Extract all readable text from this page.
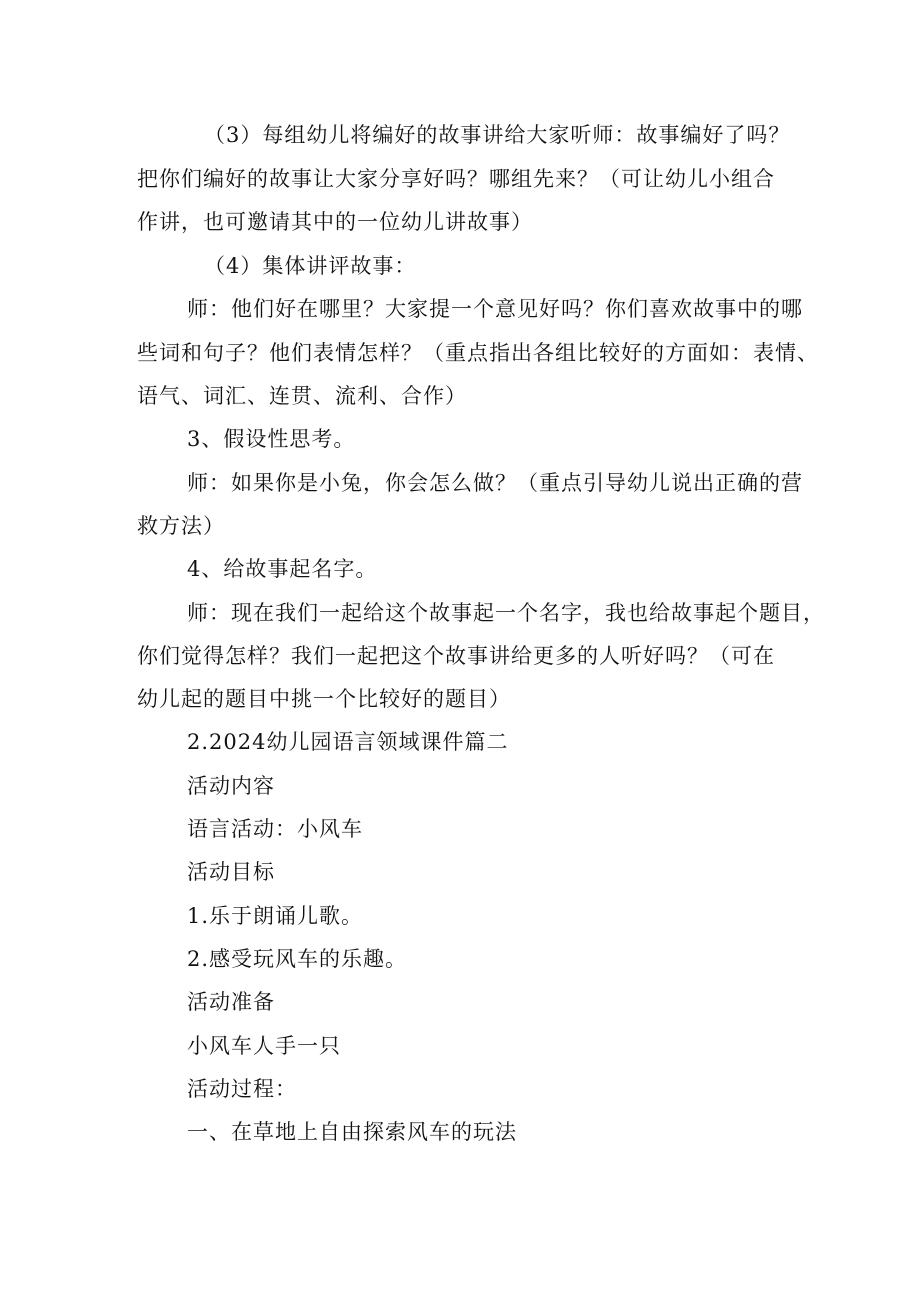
（3）每组幼儿将编好的故事讲给大家听师：故事编好了吗？
把你们编好的故事让大家分享好吗？哪组先来？（可让幼儿小组合
作讲，也可邀请其中的一位幼儿讲故事）
（4）集体讲评故事：
师：他们好在哪里？大家提一个意见好吗？你们喜欢故事中的哪
些词和句子？他们表情怎样？（重点指出各组比较好的方面如：表情、
语气、词汇、连贯、流利、合作）
3、假设性思考。
师：如果你是小兔，你会怎么做？（重点引导幼儿说出正确的营
救方法）
4、给故事起名字。
师：现在我们一起给这个故事起一个名字，我也给故事起个题目，
你们觉得怎样？我们一起把这个故事讲给更多的人听好吗？（可在
幼儿起的题目中挑一个比较好的题目）
2.2024幼儿园语言领域课件篇二
活动内容
语言活动：小风车
活动目标
1.乐于朗诵儿歌。
2.感受玩风车的乐趣。
活动准备
小风车人手一只
活动过程：
一、在草地上自由探索风车的玩法
